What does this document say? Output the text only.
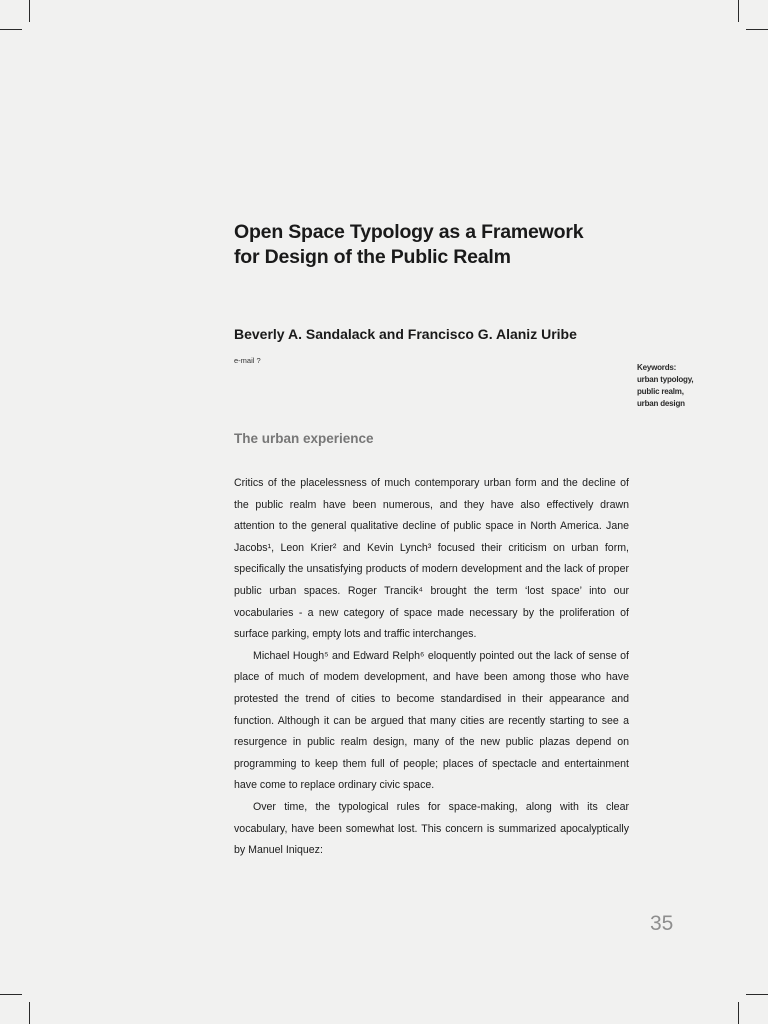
Open Space Typology as a Framework
for Design of the Public Realm
Beverly A. Sandalack and Francisco G. Alaniz Uribe
e-mail ?
Keywords:
urban typology,
public realm,
urban design
The urban experience

Critics of the placelessness of much contemporary urban form and the decline of the public realm have been numerous, and they have also effectively drawn attention to the general qualitative decline of public space in North America. Jane Jacobs¹, Leon Krier² and Kevin Lynch³ focused their criticism on urban form, specifically the unsatisfying products of modern development and the lack of proper public urban spaces. Roger Trancik⁴ brought the term ‘lost space’ into our vocabularies - a new category of space made necessary by the proliferation of surface parking, empty lots and traffic interchanges.

Michael Hough⁵ and Edward Relph⁶ eloquently pointed out the lack of sense of place of much of modem development, and have been among those who have protested the trend of cities to become standardised in their appearance and function. Although it can be argued that many cities are recently starting to see a resurgence in public realm design, many of the new public plazas depend on programming to keep them full of people; places of spectacle and entertainment have come to replace ordinary civic space.

Over time, the typological rules for space-making, along with its clear vocabulary, have been somewhat lost. This concern is summarized apocalyptically by Manuel Iniquez:

35
